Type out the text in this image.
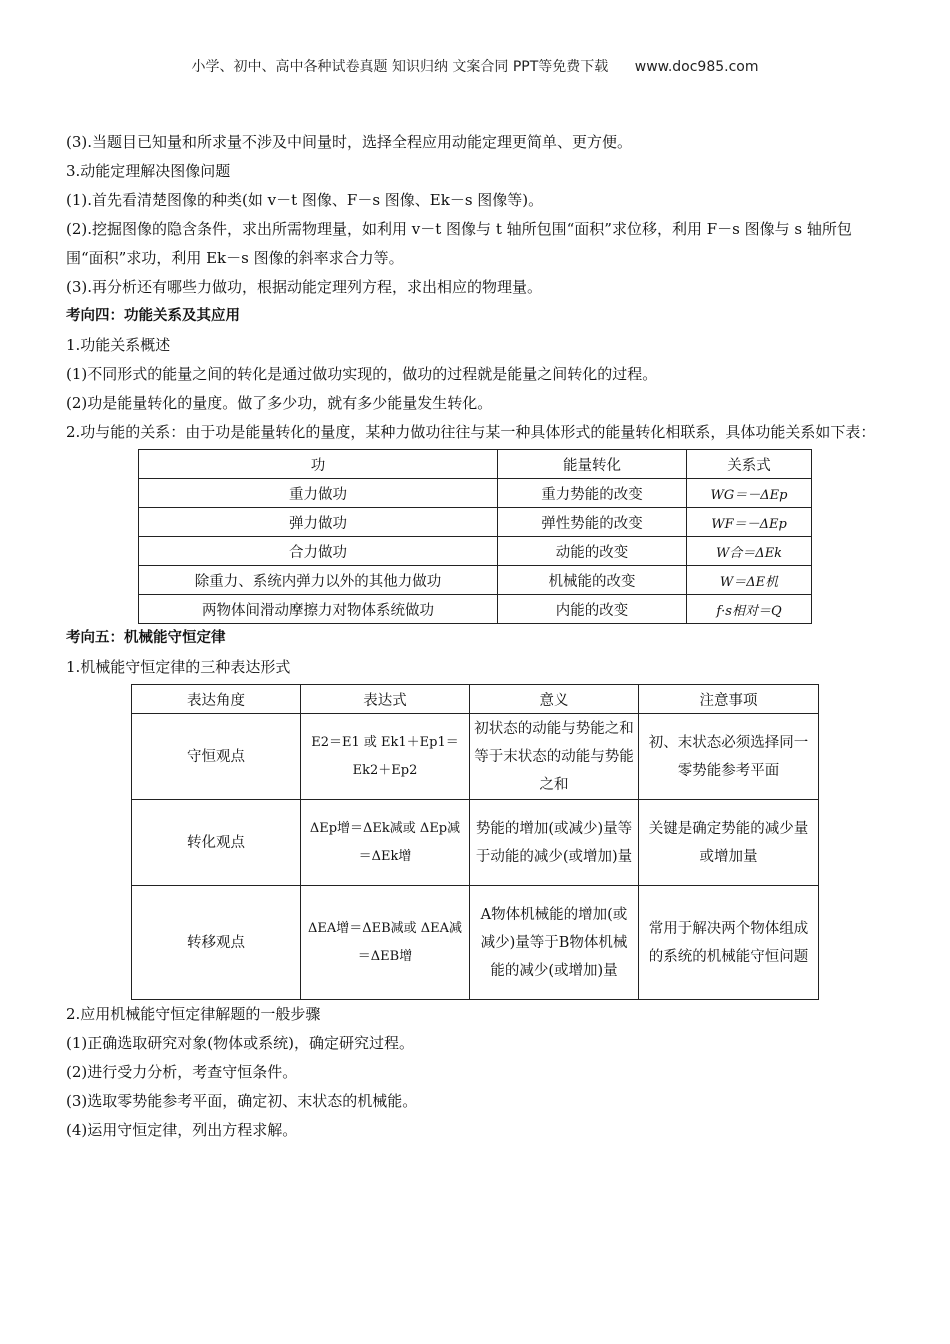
小学、初中、高中各种试卷真题 知识归纳 文案合同 PPT等免费下载 www.doc985.com

(3).当题目已知量和所求量不涉及中间量时，选择全程应用动能定理更简单、更方便。

3.动能定理解决图像问题

(1).首先看清楚图像的种类(如 v－t 图像、F－s 图像、Ek－s 图像等)。

(2).挖掘图像的隐含条件，求出所需物理量，如利用 v－t 图像与 t 轴所包围“面积”求位移，利用 F－s 图像与 s 轴所包围“面积”求功，利用 Ek－s 图像的斜率求合力等。

(3).再分析还有哪些力做功，根据动能定理列方程，求出相应的物理量。

考向四：功能关系及其应用

1.功能关系概述

(1)不同形式的能量之间的转化是通过做功实现的，做功的过程就是能量之间转化的过程。

(2)功是能量转化的量度。做了多少功，就有多少能量发生转化。

2.功与能的关系：由于功是能量转化的量度，某种力做功往往与某一种具体形式的能量转化相联系，具体功能关系如下表：

功	能量转化	关系式
重力做功	重力势能的改变	WG＝－ΔEp
弹力做功	弹性势能的改变	WF＝－ΔEp
合力做功	动能的改变	W合＝ΔEk
除重力、系统内弹力以外的其他力做功	机械能的改变	W＝ΔE机
两物体间滑动摩擦力对物体系统做功	内能的改变	f·s相对＝Q

考向五：机械能守恒定律

1.机械能守恒定律的三种表达形式

表达角度	表达式	意义	注意事项
守恒观点	E2＝E1 或 Ek1＋Ep1＝Ek2＋Ep2	初状态的动能与势能之和等于末状态的动能与势能之和	初、末状态必须选择同一零势能参考平面
转化观点	ΔEp增＝ΔEk减或 ΔEp减＝ΔEk增	势能的增加(或减少)量等于动能的减少(或增加)量	关键是确定势能的减少量或增加量
转移观点	ΔEA增＝ΔEB减或 ΔEA减＝ΔEB增	A物体机械能的增加(或减少)量等于B物体机械能的减少(或增加)量	常用于解决两个物体组成的系统的机械能守恒问题

2.应用机械能守恒定律解题的一般步骤

(1)正确选取研究对象(物体或系统)，确定研究过程。

(2)进行受力分析，考查守恒条件。

(3)选取零势能参考平面，确定初、末状态的机械能。

(4)运用守恒定律，列出方程求解。
